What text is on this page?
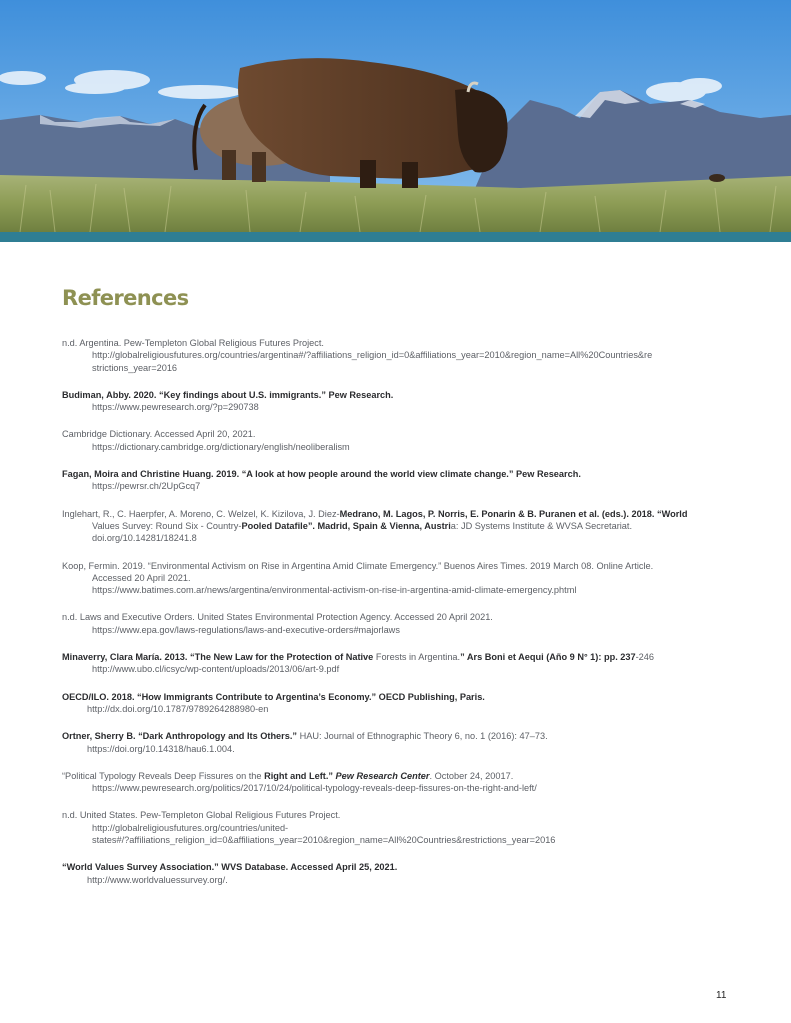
References

n.d. Argentina. Pew-Templeton Global Religious Futures Project.
http://globalreligiousfutures.org/countries/argentina#/?affiliations_religion_id=0&affiliations_year=2010&region_name=All%20Countries&re
strictions_year=2016

Budiman, Abby. 2020. “Key findings about U.S. immigrants.” Pew Research.
https://www.pewresearch.org/?p=290738

Cambridge Dictionary. Accessed April 20, 2021.
https://dictionary.cambridge.org/dictionary/english/neoliberalism

Fagan, Moira and Christine Huang. 2019. “A look at how people around the world view climate change.” Pew Research.
https://pewrsr.ch/2UpGcq7

Inglehart, R., C. Haerpfer, A. Moreno, C. Welzel, K. Kizilova, J. Diez-Medrano, M. Lagos, P. Norris, E. Ponarin & B. Puranen et al. (eds.). 2018. “World
Values Survey: Round Six - Country-Pooled Datafile”. Madrid, Spain & Vienna, Austria: JD Systems Institute & WVSA Secretariat.
doi.org/10.14281/18241.8

Koop, Fermin. 2019. “Environmental Activism on Rise in Argentina Amid Climate Emergency.” Buenos Aires Times. 2019 March 08. Online Article.
Accessed 20 April 2021.
https://www.batimes.com.ar/news/argentina/environmental-activism-on-rise-in-argentina-amid-climate-emergency.phtml

n.d. Laws and Executive Orders. United States Environmental Protection Agency. Accessed 20 April 2021.
https://www.epa.gov/laws-regulations/laws-and-executive-orders#majorlaws

Minaverry, Clara María. 2013. “The New Law for the Protection of Native Forests in Argentina.” Ars Boni et Aequi (Año 9 N° 1): pp. 237-246
http://www.ubo.cl/icsyc/wp-content/uploads/2013/06/art-9.pdf

OECD/ILO. 2018. “How Immigrants Contribute to Argentina’s Economy.” OECD Publishing, Paris.
http://dx.doi.org/10.1787/9789264288980-en

Ortner, Sherry B. “Dark Anthropology and Its Others.” HAU: Journal of Ethnographic Theory 6, no. 1 (2016): 47–73.
https://doi.org/10.14318/hau6.1.004.

“Political Typology Reveals Deep Fissures on the Right and Left.” Pew Research Center. October 24, 20017.
https://www.pewresearch.org/politics/2017/10/24/political-typology-reveals-deep-fissures-on-the-right-and-left/

n.d. United States. Pew-Templeton Global Religious Futures Project.
http://globalreligiousfutures.org/countries/united-
states#/?affiliations_religion_id=0&affiliations_year=2010&region_name=All%20Countries&restrictions_year=2016

“World Values Survey Association.” WVS Database. Accessed April 25, 2021.
http://www.worldvaluessurvey.org/.

11
